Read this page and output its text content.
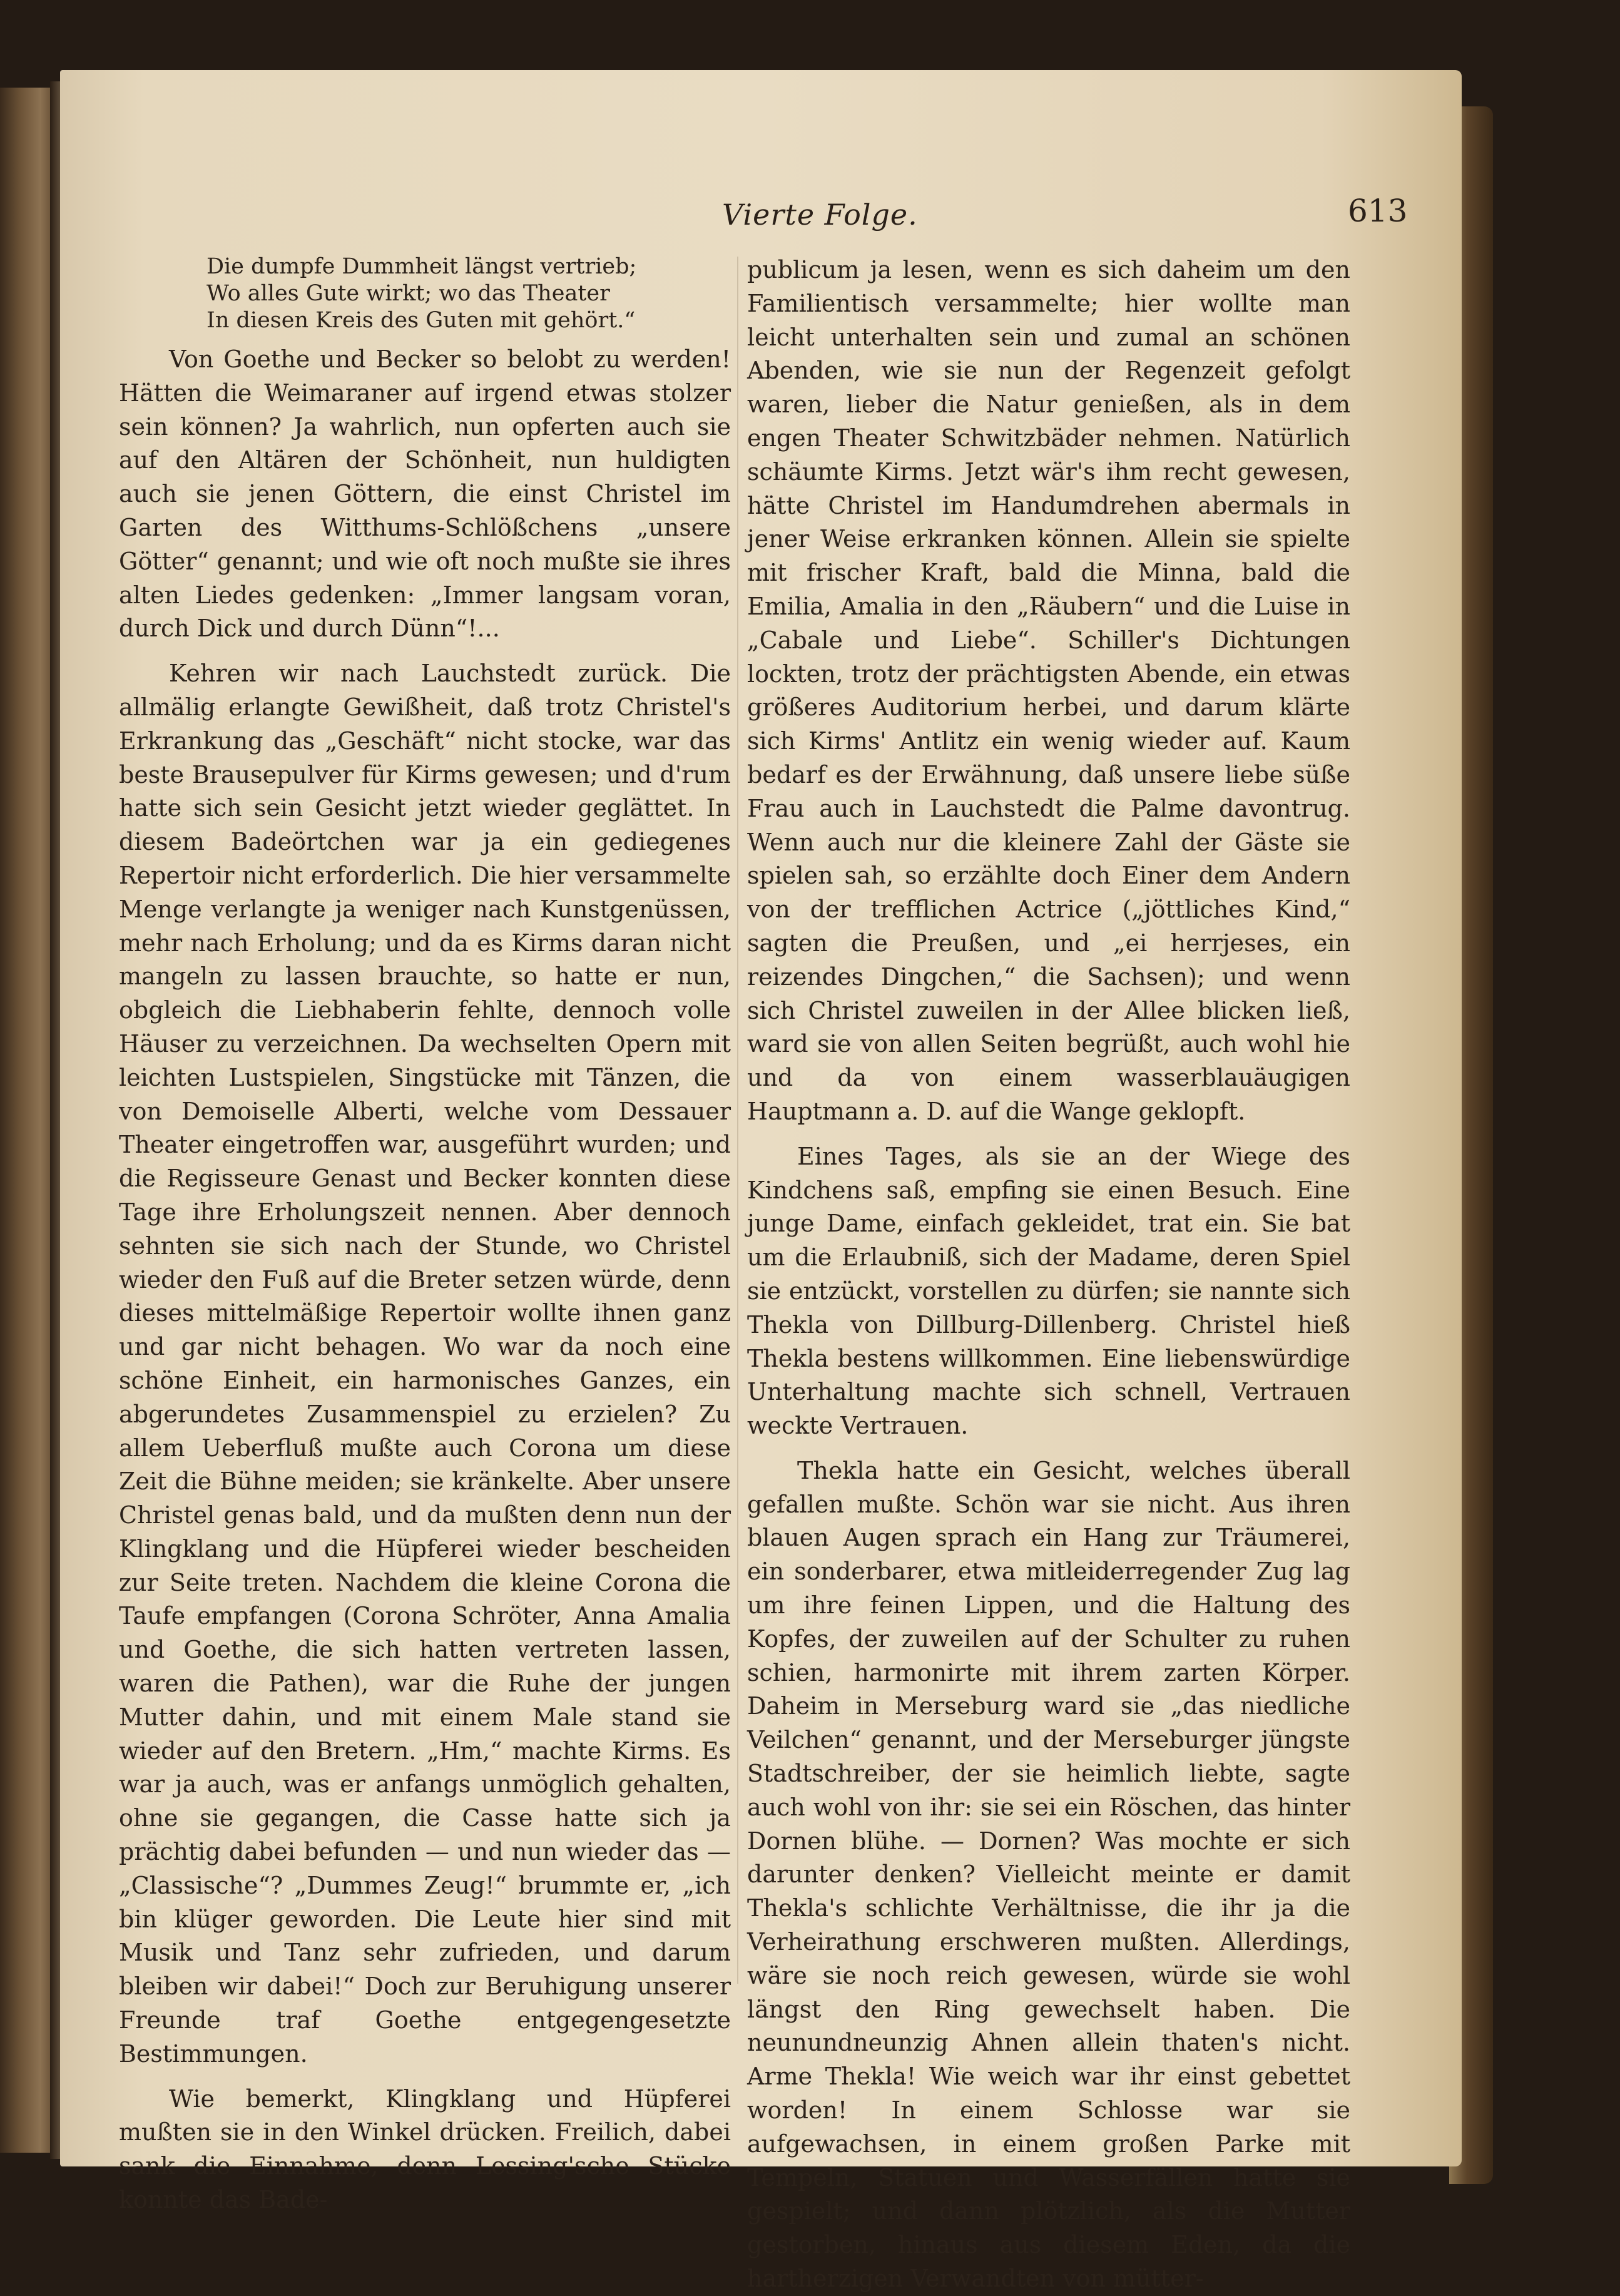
Vierte Folge.	613

Die dumpfe Dummheit längst vertrieb;

Wo alles Gute wirkt; wo das Theater

In diesen Kreis des Guten mit gehört.“

Von Goethe und Becker so belobt zu werden! Hätten die Weimaraner auf irgend etwas stolzer sein können? Ja wahrlich, nun opferten auch sie auf den Altären der Schönheit, nun huldigten auch sie jenen Göttern, die einst Christel im Garten des Witthums-Schlößchens „unsere Götter“ genannt; und wie oft noch mußte sie ihres alten Liedes gedenken: „Immer langsam voran, durch Dick und durch Dünn“!...

Kehren wir nach Lauchstedt zurück. Die allmälig erlangte Gewißheit, daß trotz Christel's Erkrankung das „Geschäft“ nicht stocke, war das beste Brausepulver für Kirms gewesen; und d'rum hatte sich sein Gesicht jetzt wieder geglättet. In diesem Badeörtchen war ja ein gediegenes Repertoir nicht erforderlich. Die hier versammelte Menge verlangte ja weniger nach Kunstgenüssen, mehr nach Erholung; und da es Kirms daran nicht mangeln zu lassen brauchte, so hatte er nun, obgleich die Liebhaberin fehlte, dennoch volle Häuser zu verzeichnen. Da wechselten Opern mit leichten Lustspielen, Singstücke mit Tänzen, die von Demoiselle Alberti, welche vom Dessauer Theater eingetroffen war, ausgeführt wurden; und die Regisseure Genast und Becker konnten diese Tage ihre Erholungszeit nennen. Aber dennoch sehnten sie sich nach der Stunde, wo Christel wieder den Fuß auf die Breter setzen würde, denn dieses mittelmäßige Repertoir wollte ihnen ganz und gar nicht behagen. Wo war da noch eine schöne Einheit, ein harmonisches Ganzes, ein abgerundetes Zusammenspiel zu erzielen? Zu allem Ueberfluß mußte auch Corona um diese Zeit die Bühne meiden; sie kränkelte. Aber unsere Christel genas bald, und da mußten denn nun der Klingklang und die Hüpferei wieder bescheiden zur Seite treten. Nachdem die kleine Corona die Taufe empfangen (Corona Schröter, Anna Amalia und Goethe, die sich hatten vertreten lassen, waren die Pathen), war die Ruhe der jungen Mutter dahin, und mit einem Male stand sie wieder auf den Bretern. „Hm,“ machte Kirms. Es war ja auch, was er anfangs unmöglich gehalten, ohne sie gegangen, die Casse hatte sich ja prächtig dabei befunden — und nun wieder das — „Classische“? „Dummes Zeug!“ brummte er, „ich bin klüger geworden. Die Leute hier sind mit Musik und Tanz sehr zufrieden, und darum bleiben wir dabei!“ Doch zur Beruhigung unserer Freunde traf Goethe entgegengesetzte Bestimmungen.

Wie bemerkt, Klingklang und Hüpferei mußten sie in den Winkel drücken. Freilich, dabei sank die Einnahme, denn Lessing'sche Stücke konnte das Bade-

publicum ja lesen, wenn es sich daheim um den Familientisch versammelte; hier wollte man leicht unterhalten sein und zumal an schönen Abenden, wie sie nun der Regenzeit gefolgt waren, lieber die Natur genießen, als in dem engen Theater Schwitzbäder nehmen. Natürlich schäumte Kirms. Jetzt wär's ihm recht gewesen, hätte Christel im Handumdrehen abermals in jener Weise erkranken können. Allein sie spielte mit frischer Kraft, bald die Minna, bald die Emilia, Amalia in den „Räubern“ und die Luise in „Cabale und Liebe“. Schiller's Dichtungen lockten, trotz der prächtigsten Abende, ein etwas größeres Auditorium herbei, und darum klärte sich Kirms' Antlitz ein wenig wieder auf. Kaum bedarf es der Erwähnung, daß unsere liebe süße Frau auch in Lauchstedt die Palme davontrug. Wenn auch nur die kleinere Zahl der Gäste sie spielen sah, so erzählte doch Einer dem Andern von der trefflichen Actrice („jöttliches Kind,“ sagten die Preußen, und „ei herrjeses, ein reizendes Dingchen,“ die Sachsen); und wenn sich Christel zuweilen in der Allee blicken ließ, ward sie von allen Seiten begrüßt, auch wohl hie und da von einem wasserblauäugigen Hauptmann a. D. auf die Wange geklopft.

Eines Tages, als sie an der Wiege des Kindchens saß, empfing sie einen Besuch. Eine junge Dame, einfach gekleidet, trat ein. Sie bat um die Erlaubniß, sich der Madame, deren Spiel sie entzückt, vorstellen zu dürfen; sie nannte sich Thekla von Dillburg-Dillenberg. Christel hieß Thekla bestens willkommen. Eine liebenswürdige Unterhaltung machte sich schnell, Vertrauen weckte Vertrauen.

Thekla hatte ein Gesicht, welches überall gefallen mußte. Schön war sie nicht. Aus ihren blauen Augen sprach ein Hang zur Träumerei, ein sonderbarer, etwa mitleiderregender Zug lag um ihre feinen Lippen, und die Haltung des Kopfes, der zuweilen auf der Schulter zu ruhen schien, harmonirte mit ihrem zarten Körper. Daheim in Merseburg ward sie „das niedliche Veilchen“ genannt, und der Merseburger jüngste Stadtschreiber, der sie heimlich liebte, sagte auch wohl von ihr: sie sei ein Röschen, das hinter Dornen blühe. — Dornen? Was mochte er sich darunter denken? Vielleicht meinte er damit Thekla's schlichte Verhältnisse, die ihr ja die Verheirathung erschweren mußten. Allerdings, wäre sie noch reich gewesen, würde sie wohl längst den Ring gewechselt haben. Die neunundneunzig Ahnen allein thaten's nicht. Arme Thekla! Wie weich war ihr einst gebettet worden! In einem Schlosse war sie aufgewachsen, in einem großen Parke mit Tempeln, Statuen und Wasserfällen hatte sie gespielt; und dann plötzlich, als die Mutter gestorben, hinaus aus diesem Eden, da die hartherzigen Verwandten von mütter-
